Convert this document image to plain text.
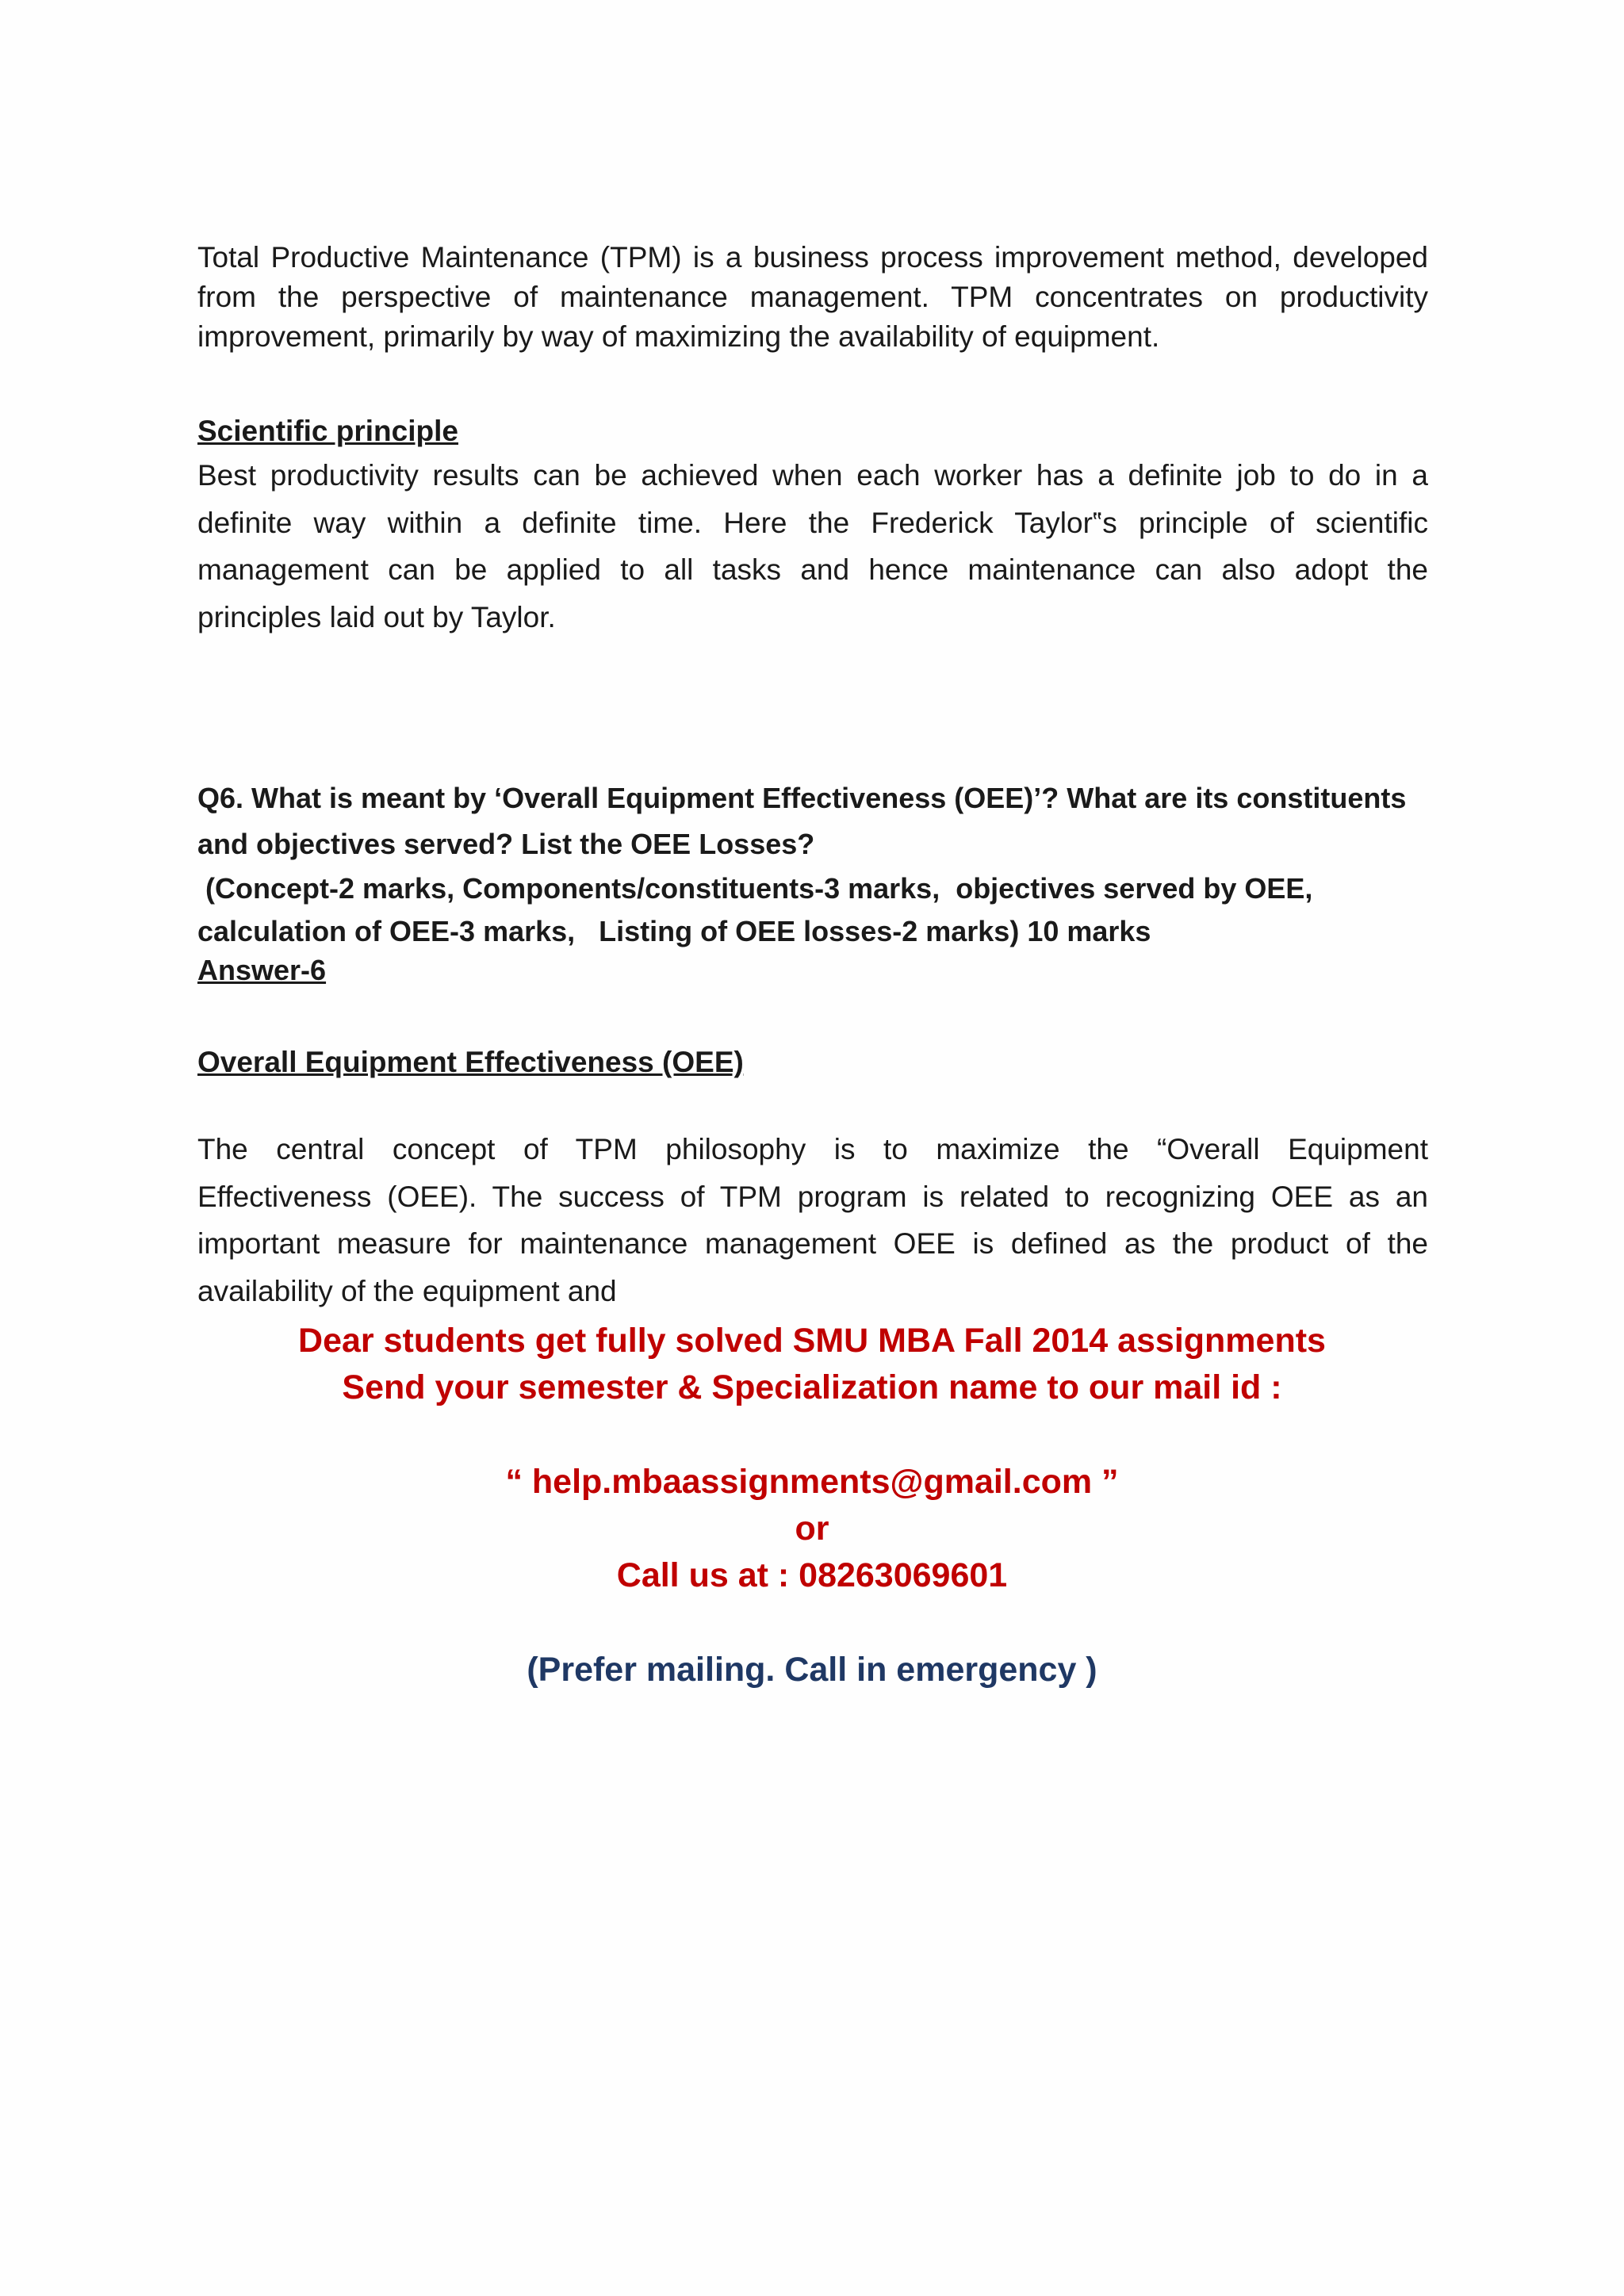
Total Productive Maintenance (TPM) is a business process improvement method, developed
from the perspective of maintenance management. TPM concentrates on productivity
improvement, primarily by way of maximizing the availability of equipment.

Scientific principle

Best productivity results can be achieved when each worker has a definite job to do in a
definite way within a definite time. Here the Frederick Taylor‟s principle of scientific
management can be applied to all tasks and hence maintenance can also adopt the
principles laid out by Taylor.

Q6. What is meant by ‘Overall Equipment Effectiveness (OEE)’? What are its constituents

and objectives served? List the OEE Losses?

(Concept-2 marks, Components/constituents-3 marks,  objectives served by OEE,

calculation of OEE-3 marks,   Listing of OEE losses-2 marks) 10 marks

Answer-6

Overall Equipment Effectiveness (OEE)

The central concept of TPM philosophy is to maximize the “Overall Equipment
Effectiveness (OEE). The success of TPM program is related to recognizing OEE as an
important measure for maintenance management OEE is defined as the product of the
availability of the equipment and

Dear students get fully solved SMU MBA Fall 2014 assignments

Send your semester & Specialization name to our mail id :

“ help.mbaassignments@gmail.com ”

or

Call us at : 08263069601

(Prefer mailing. Call in emergency )
